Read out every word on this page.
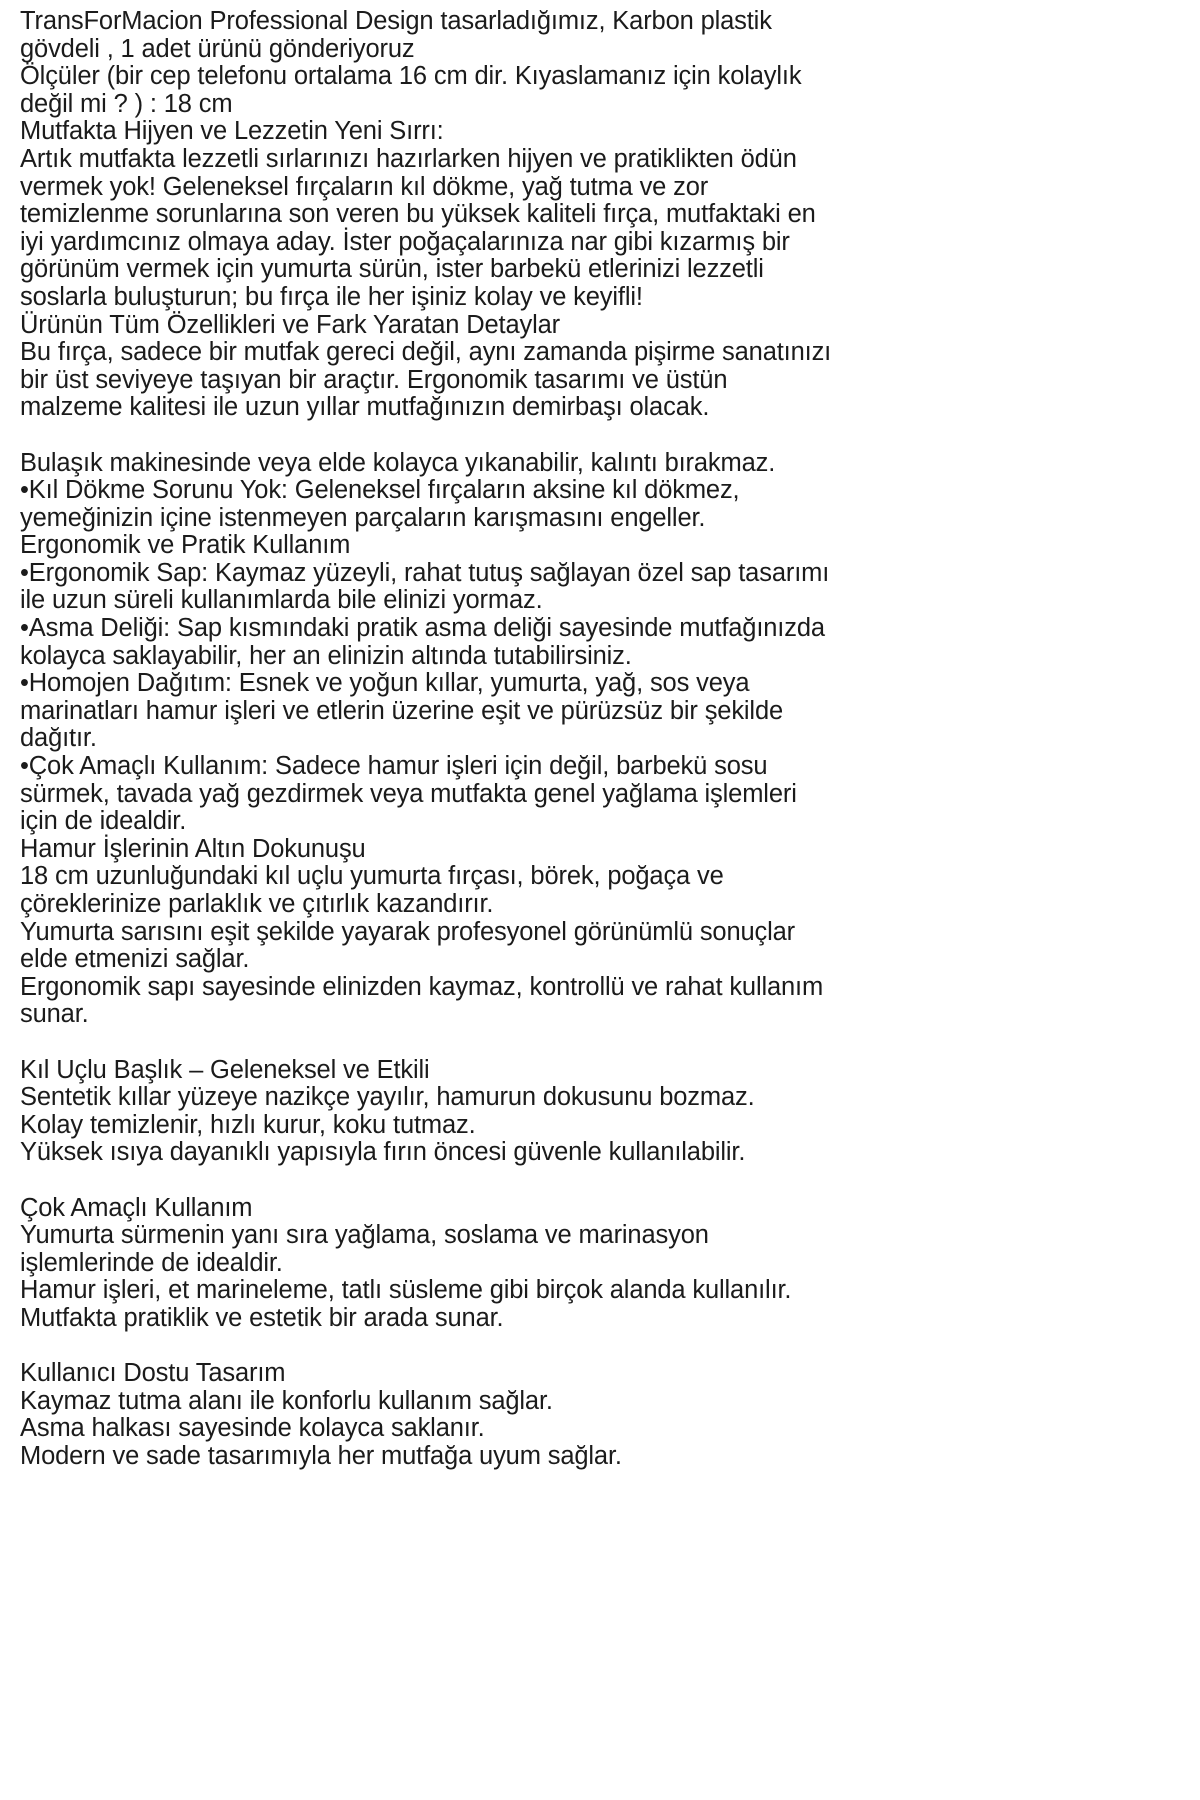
TransForMacion Professional Design tasarladığımız, Karbon plastik
gövdeli , 1 adet ürünü gönderiyoruz
Ölçüler (bir cep telefonu ortalama 16 cm dir. Kıyaslamanız için kolaylık
değil mi ? ) : 18 cm
Mutfakta Hijyen ve Lezzetin Yeni Sırrı:
Artık mutfakta lezzetli sırlarınızı hazırlarken hijyen ve pratiklikten ödün
vermek yok! Geleneksel fırçaların kıl dökme, yağ tutma ve zor
temizlenme sorunlarına son veren bu yüksek kaliteli fırça, mutfaktaki en
iyi yardımcınız olmaya aday. İster poğaçalarınıza nar gibi kızarmış bir
görünüm vermek için yumurta sürün, ister barbekü etlerinizi lezzetli
soslarla buluşturun; bu fırça ile her işiniz kolay ve keyifli!
Ürünün Tüm Özellikleri ve Fark Yaratan Detaylar
Bu fırça, sadece bir mutfak gereci değil, aynı zamanda pişirme sanatınızı
bir üst seviyeye taşıyan bir araçtır. Ergonomik tasarımı ve üstün
malzeme kalitesi ile uzun yıllar mutfağınızın demirbaşı olacak.
Bulaşık makinesinde veya elde kolayca yıkanabilir, kalıntı bırakmaz.
•Kıl Dökme Sorunu Yok: Geleneksel fırçaların aksine kıl dökmez,
yemeğinizin içine istenmeyen parçaların karışmasını engeller.
Ergonomik ve Pratik Kullanım
•Ergonomik Sap: Kaymaz yüzeyli, rahat tutuş sağlayan özel sap tasarımı
ile uzun süreli kullanımlarda bile elinizi yormaz.
•Asma Deliği: Sap kısmındaki pratik asma deliği sayesinde mutfağınızda
kolayca saklayabilir, her an elinizin altında tutabilirsiniz.
•Homojen Dağıtım: Esnek ve yoğun kıllar, yumurta, yağ, sos veya
marinatları hamur işleri ve etlerin üzerine eşit ve pürüzsüz bir şekilde
dağıtır.
•Çok Amaçlı Kullanım: Sadece hamur işleri için değil, barbekü sosu
sürmek, tavada yağ gezdirmek veya mutfakta genel yağlama işlemleri
için de idealdir.
Hamur İşlerinin Altın Dokunuşu
18 cm uzunluğundaki kıl uçlu yumurta fırçası, börek, poğaça ve
çöreklerinize parlaklık ve çıtırlık kazandırır.
Yumurta sarısını eşit şekilde yayarak profesyonel görünümlü sonuçlar
elde etmenizi sağlar.
Ergonomik sapı sayesinde elinizden kaymaz, kontrollü ve rahat kullanım
sunar.
Kıl Uçlu Başlık – Geleneksel ve Etkili
Sentetik kıllar yüzeye nazikçe yayılır, hamurun dokusunu bozmaz.
Kolay temizlenir, hızlı kurur, koku tutmaz.
Yüksek ısıya dayanıklı yapısıyla fırın öncesi güvenle kullanılabilir.
Çok Amaçlı Kullanım
Yumurta sürmenin yanı sıra yağlama, soslama ve marinasyon
işlemlerinde de idealdir.
Hamur işleri, et marineleme, tatlı süsleme gibi birçok alanda kullanılır.
Mutfakta pratiklik ve estetik bir arada sunar.
Kullanıcı Dostu Tasarım
Kaymaz tutma alanı ile konforlu kullanım sağlar.
Asma halkası sayesinde kolayca saklanır.
Modern ve sade tasarımıyla her mutfağa uyum sağlar.
